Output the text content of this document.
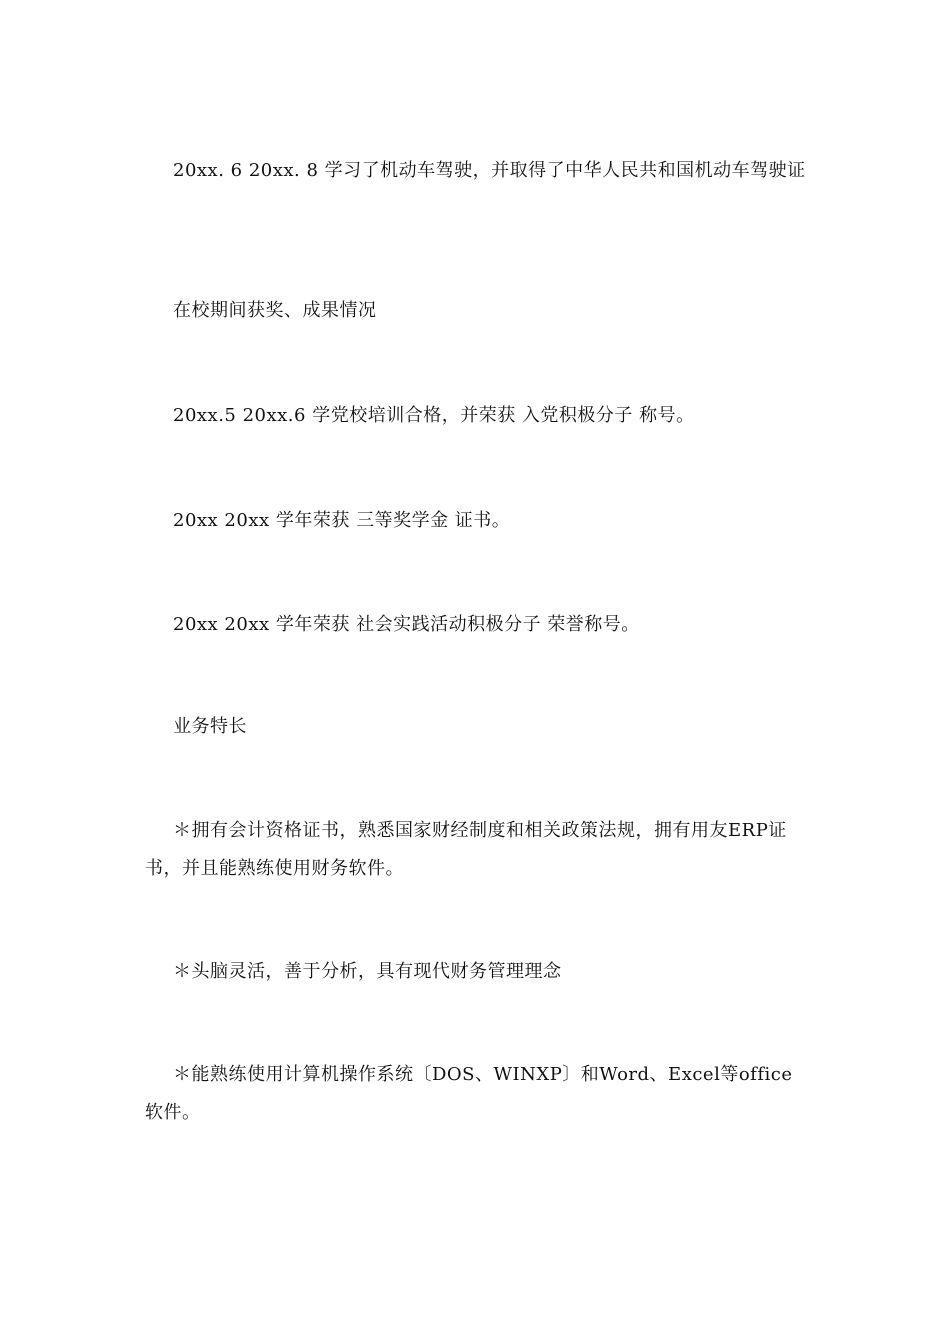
20xx. 6 20xx. 8 学习了机动车驾驶，并取得了中华人民共和国机动车驾驶证

在校期间获奖、成果情况

20xx.5 20xx.6 学党校培训合格，并荣获 入党积极分子 称号。

20xx 20xx 学年荣获 三等奖学金 证书。

20xx 20xx 学年荣获 社会实践活动积极分子 荣誉称号。

业务特长

＊拥有会计资格证书，熟悉国家财经制度和相关政策法规，拥有用友ERP证书，并且能熟练使用财务软件。

＊头脑灵活，善于分析，具有现代财务管理理念

＊能熟练使用计算机操作系统〔DOS、WINXP〕和Word、Excel等office软件。
